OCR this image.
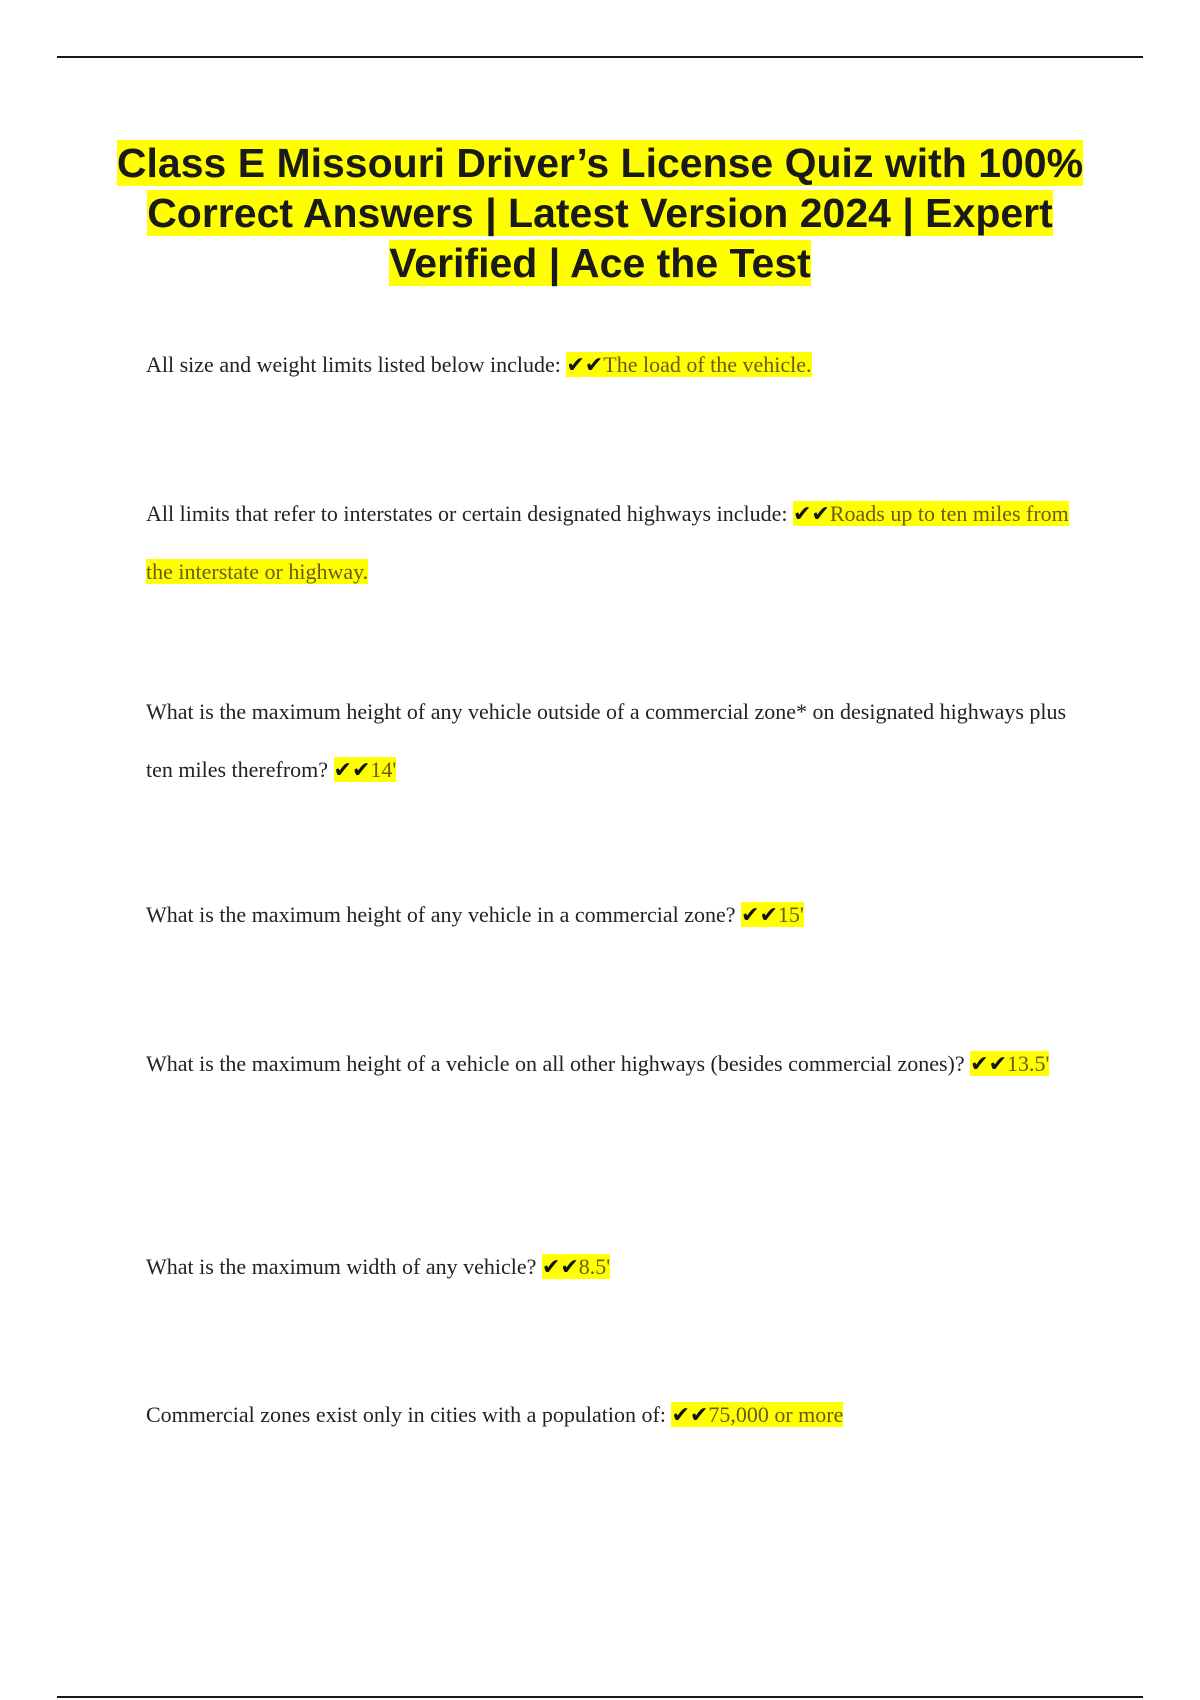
Class E Missouri Driver’s License Quiz with 100% Correct Answers | Latest Version 2024 | Expert Verified | Ace the Test
All size and weight limits listed below include: ✔✔The load of the vehicle.
All limits that refer to interstates or certain designated highways include: ✔✔Roads up to ten miles from the interstate or highway.
What is the maximum height of any vehicle outside of a commercial zone* on designated highways plus ten miles therefrom? ✔✔14'
What is the maximum height of any vehicle in a commercial zone? ✔✔15'
What is the maximum height of a vehicle on all other highways (besides commercial zones)? ✔✔13.5'
What is the maximum width of any vehicle? ✔✔8.5'
Commercial zones exist only in cities with a population of: ✔✔75,000 or more
